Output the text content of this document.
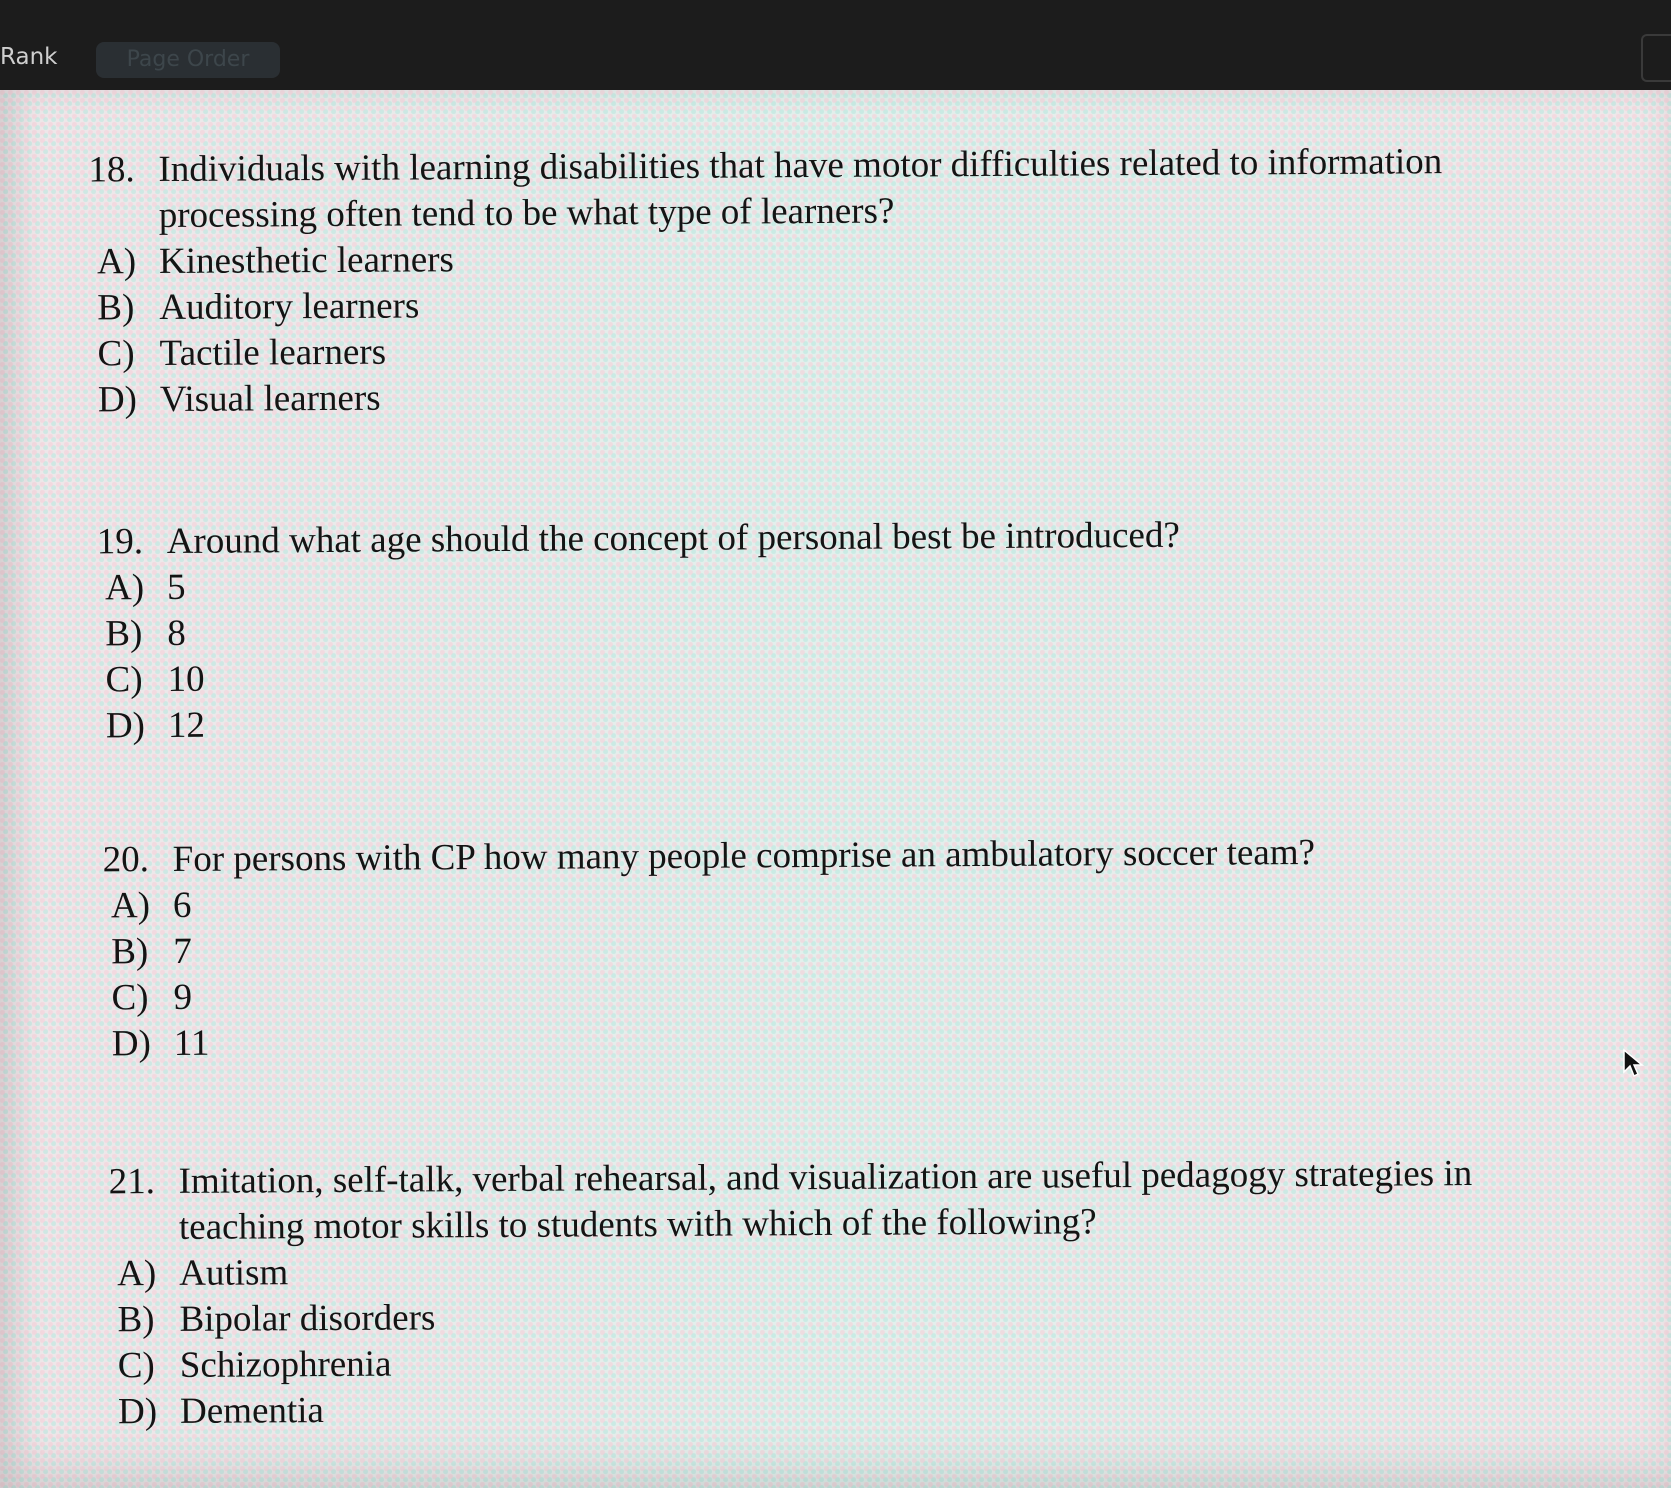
Rank	Page Order
18. Individuals with learning disabilities that have motor difficulties related to information processing often tend to be what type of learners?
A) Kinesthetic learners
B) Auditory learners
C) Tactile learners
D) Visual learners
19. Around what age should the concept of personal best be introduced?
A) 5
B) 8
C) 10
D) 12
20. For persons with CP how many people comprise an ambulatory soccer team?
A) 6
B) 7
C) 9
D) 11
21. Imitation, self-talk, verbal rehearsal, and visualization are useful pedagogy strategies in teaching motor skills to students with which of the following?
A) Autism
B) Bipolar disorders
C) Schizophrenia
D) Dementia
